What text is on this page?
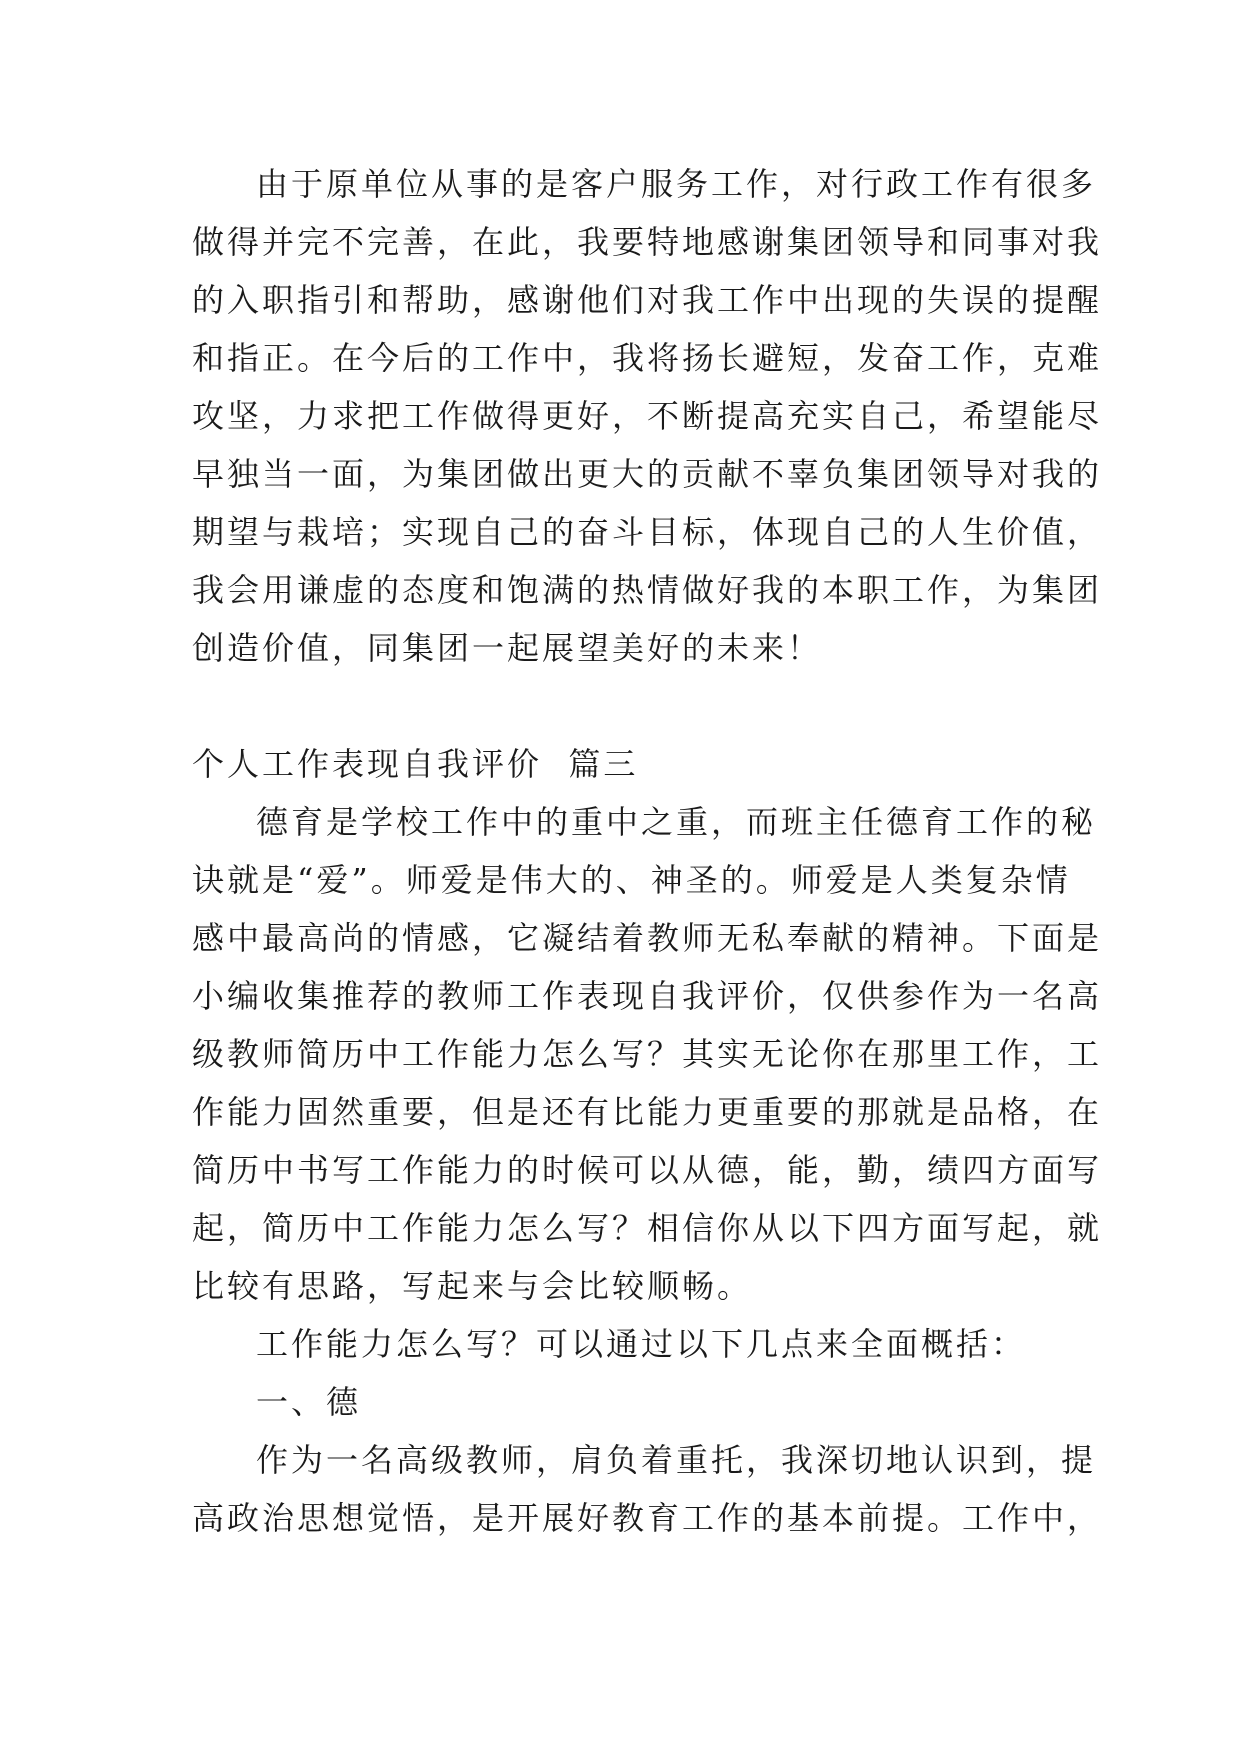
由于原单位从事的是客户服务工作，对行政工作有很多
做得并完不完善，在此，我要特地感谢集团领导和同事对我
的入职指引和帮助，感谢他们对我工作中出现的失误的提醒
和指正。在今后的工作中，我将扬长避短，发奋工作，克难
攻坚，力求把工作做得更好，不断提高充实自己，希望能尽
早独当一面，为集团做出更大的贡献不辜负集团领导对我的
期望与栽培；实现自己的奋斗目标，体现自己的人生价值，
我会用谦虚的态度和饱满的热情做好我的本职工作，为集团
创造价值，同集团一起展望美好的未来！
个人工作表现自我评价  篇三
德育是学校工作中的重中之重，而班主任德育工作的秘
诀就是“爱”。师爱是伟大的、神圣的。师爱是人类复杂情
感中最高尚的情感，它凝结着教师无私奉献的精神。下面是
小编收集推荐的教师工作表现自我评价，仅供参作为一名高
级教师简历中工作能力怎么写？其实无论你在那里工作，工
作能力固然重要，但是还有比能力更重要的那就是品格，在
简历中书写工作能力的时候可以从德，能，勤，绩四方面写
起，简历中工作能力怎么写？相信你从以下四方面写起，就
比较有思路，写起来与会比较顺畅。
工作能力怎么写？可以通过以下几点来全面概括：
一、德
作为一名高级教师，肩负着重托，我深切地认识到，提
高政治思想觉悟，是开展好教育工作的基本前提。工作中，
